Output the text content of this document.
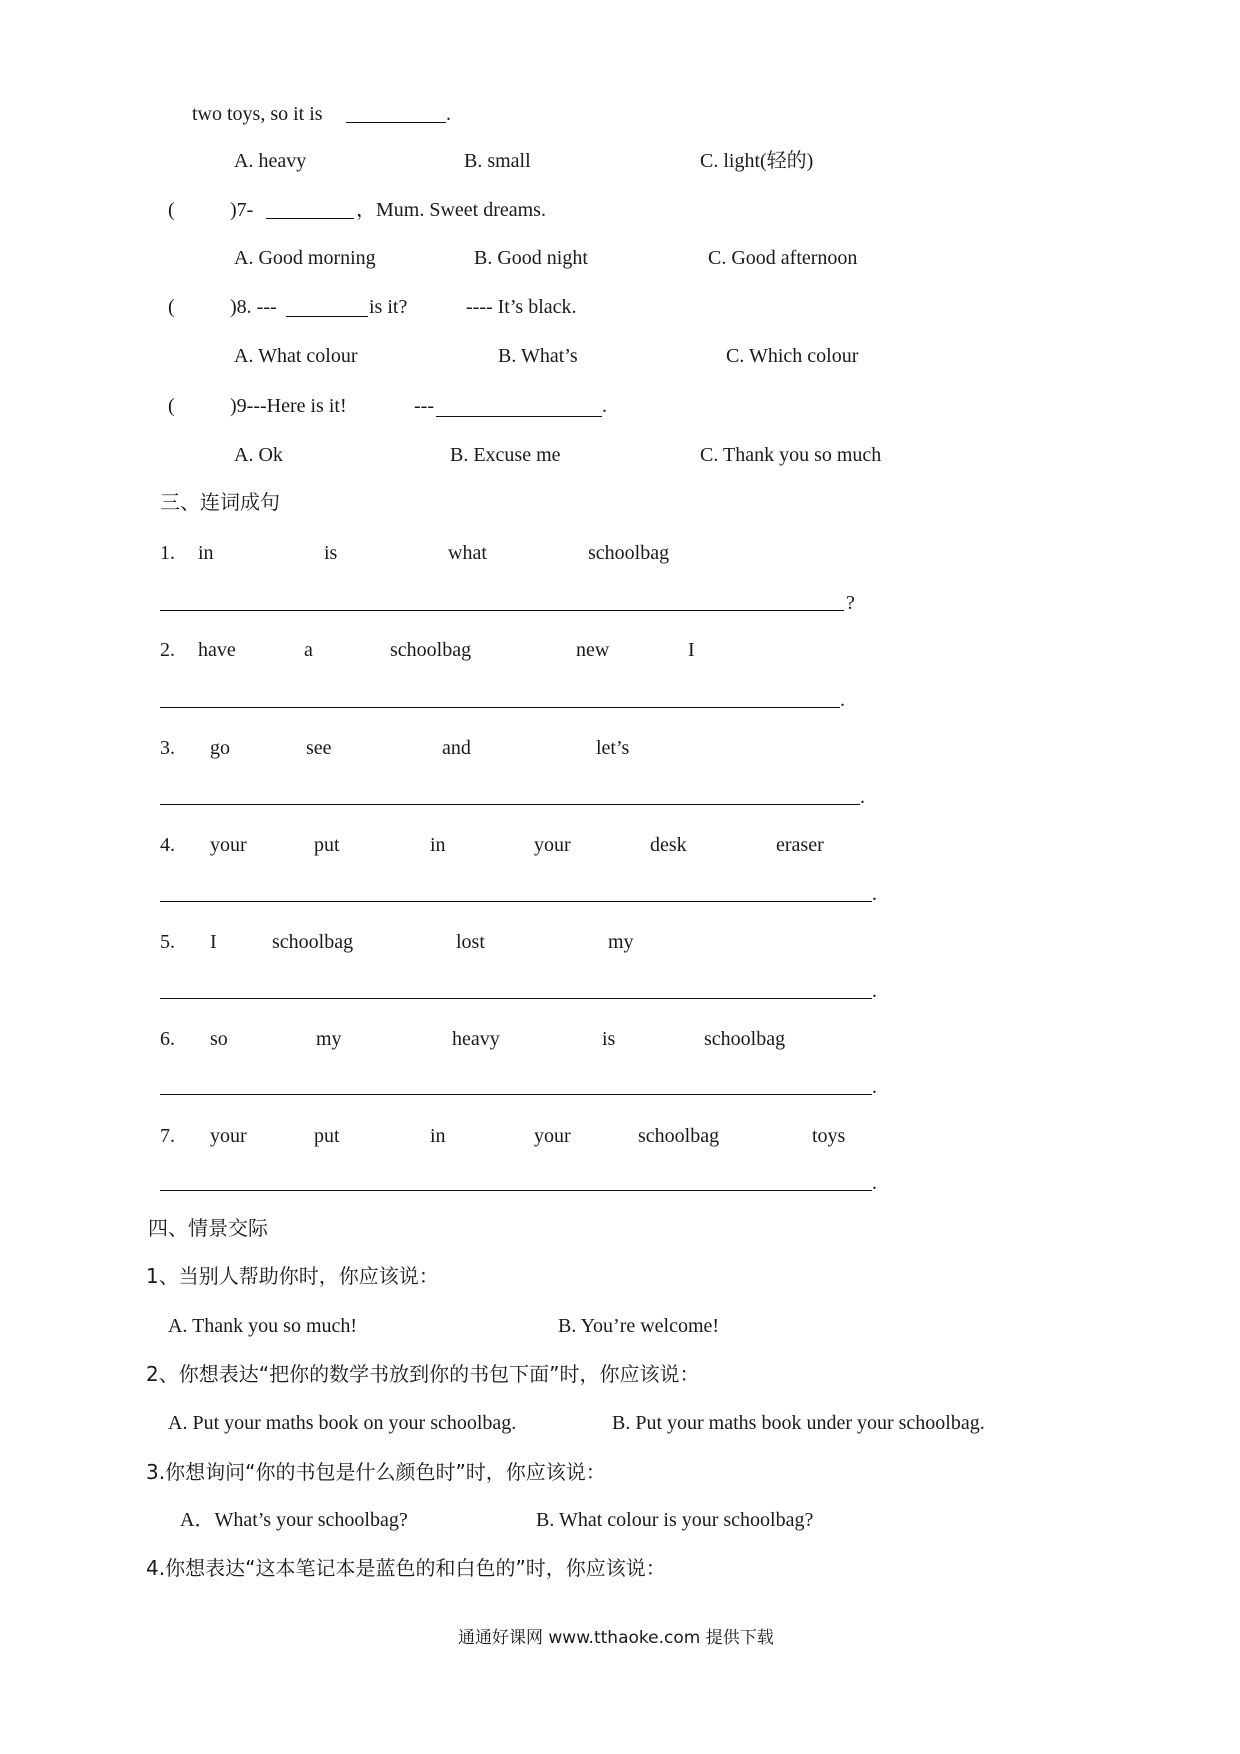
two toys, so it is	.
A. heavy	B. small	C. light(轻的)
(	)7-	，Mum. Sweet dreams.
A. Good morning	B. Good night	C. Good afternoon
(	)8. ---	is it?	---- It’s black.
A. What colour	B. What’s	C. Which colour
(	)9---Here is it!	---	.
A. Ok	B. Excuse me	C. Thank you so much
三、连词成句
1. in	is	what	schoolbag
?
2. have	a	schoolbag	new	I
.
3. go	see	and	let’s
.
4. your	put	in	your	desk	eraser
.
5. I	schoolbag	lost	my
.
6. so	my	heavy	is	schoolbag
.
7. your	put	in	your	schoolbag	toys
.
四、情景交际
1、当别人帮助你时，你应该说：
A. Thank you so much!	B. You’re welcome!
2、你想表达“把你的数学书放到你的书包下面”时，你应该说：
A. Put your maths book on your schoolbag.	B. Put your maths book under your schoolbag.
3.你想询问“你的书包是什么颜色时”时，你应该说：
A．What’s your schoolbag?	B. What colour is your schoolbag?
4.你想表达“这本笔记本是蓝色的和白色的”时，你应该说：
通通好课网 www.tthaoke.com 提供下载
